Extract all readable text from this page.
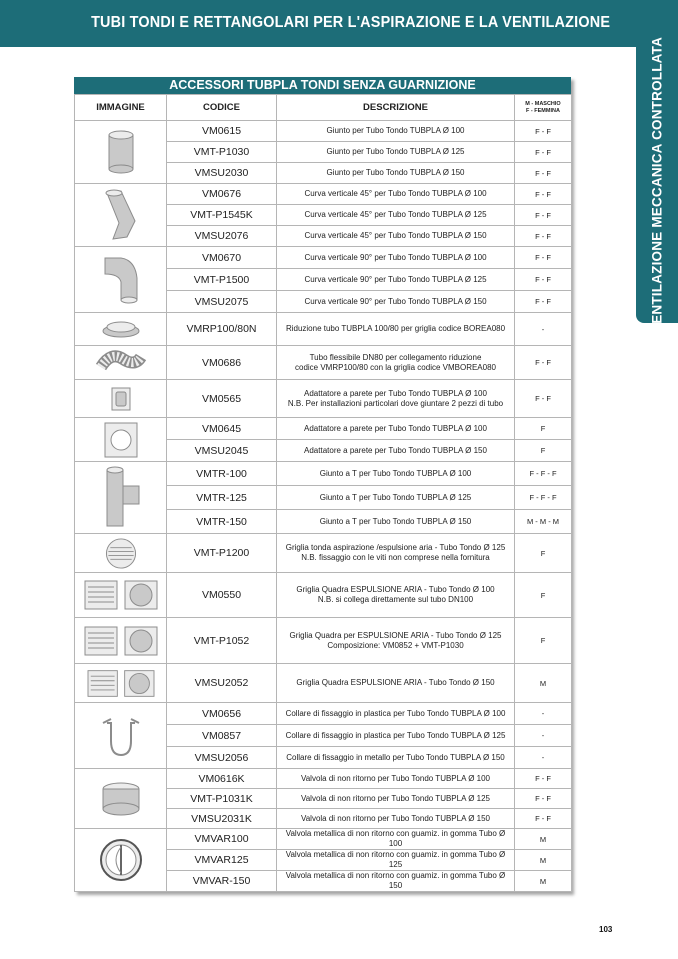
TUBI TONDI E RETTANGOLARI PER L'ASPIRAZIONE E LA VENTILAZIONE
VENTILAZIONE MECCANICA CONTROLLATA
ACCESSORI TUBPLA TONDI SENZA GUARNIZIONE
IMMAGINE	CODICE	DESCRIZIONE	M - MASCHIO
F - FEMMINA

	VM0615	Giunto per Tubo Tondo TUBPLA Ø 100	F - F
	VMT-P1030	Giunto per Tubo Tondo TUBPLA Ø 125	F - F
	VMSU2030	Giunto per Tubo Tondo TUBPLA Ø 150	F - F

	VM0676	Curva verticale 45° per Tubo Tondo TUBPLA Ø 100	F - F
	VMT-P1545K	Curva verticale 45° per Tubo Tondo TUBPLA Ø 125	F - F
	VMSU2076	Curva verticale 45° per Tubo Tondo TUBPLA Ø 150	F - F

	VM0670	Curva verticale 90° per Tubo Tondo TUBPLA Ø 100	F - F
	VMT-P1500	Curva verticale 90° per Tubo Tondo TUBPLA Ø 125	F - F
	VMSU2075	Curva verticale 90° per Tubo Tondo TUBPLA Ø 150	F - F

	VMRP100/80N	Riduzione tubo TUBPLA 100/80 per griglia codice BOREA080	-

	VM0686	Tubo flessibile DN80 per collegamento riduzione
codice VMRP100/80 con la griglia codice VMBOREA080	F - F

	VM0565	Adattatore a parete per Tubo Tondo TUBPLA Ø 100
N.B. Per installazioni particolari dove giuntare 2 pezzi di tubo	F - F

	VM0645	Adattatore a parete per Tubo Tondo TUBPLA Ø 100	F
	VMSU2045	Adattatore a parete per Tubo Tondo TUBPLA Ø 150	F

	VMTR-100	Giunto a T per Tubo Tondo TUBPLA Ø 100	F - F - F
	VMTR-125	Giunto a T per Tubo Tondo TUBPLA Ø 125	F - F - F
	VMTR-150	Giunto a T per Tubo Tondo TUBPLA Ø 150	M - M - M

	VMT-P1200	Griglia tonda aspirazione /espulsione aria - Tubo Tondo Ø 125
N.B. fissaggio con le viti non comprese nella fornitura	F

	VM0550	Griglia Quadra ESPULSIONE ARIA - Tubo Tondo Ø 100
N.B. si collega direttamente sul tubo DN100	F

	VMT-P1052	Griglia Quadra per ESPULSIONE ARIA - Tubo Tondo Ø 125
Composizione: VM0852 + VMT-P1030	F

	VMSU2052	Griglia Quadra ESPULSIONE ARIA - Tubo Tondo Ø 150	M

	VM0656	Collare di fissaggio in plastica per Tubo Tondo TUBPLA Ø 100	-
	VM0857	Collare di fissaggio in plastica per Tubo Tondo TUBPLA Ø 125	-
	VMSU2056	Collare di fissaggio in metallo per Tubo Tondo TUBPLA Ø 150	-

	VM0616K	Valvola di non ritorno per Tubo Tondo TUBPLA Ø 100	F - F
	VMT-P1031K	Valvola di non ritorno per Tubo Tondo TUBPLA Ø 125	F - F
	VMSU2031K	Valvola di non ritorno per Tubo Tondo TUBPLA Ø 150	F - F

	VMVAR100	Valvola metallica di non ritorno con guamiz. in gomma Tubo Ø 100	M
	VMVAR125	Valvola metallica di non ritorno con guamiz. in gomma Tubo Ø 125	M
	VMVAR-150	Valvola metallica di non ritorno con guamiz. in gomma Tubo Ø 150	M
103
